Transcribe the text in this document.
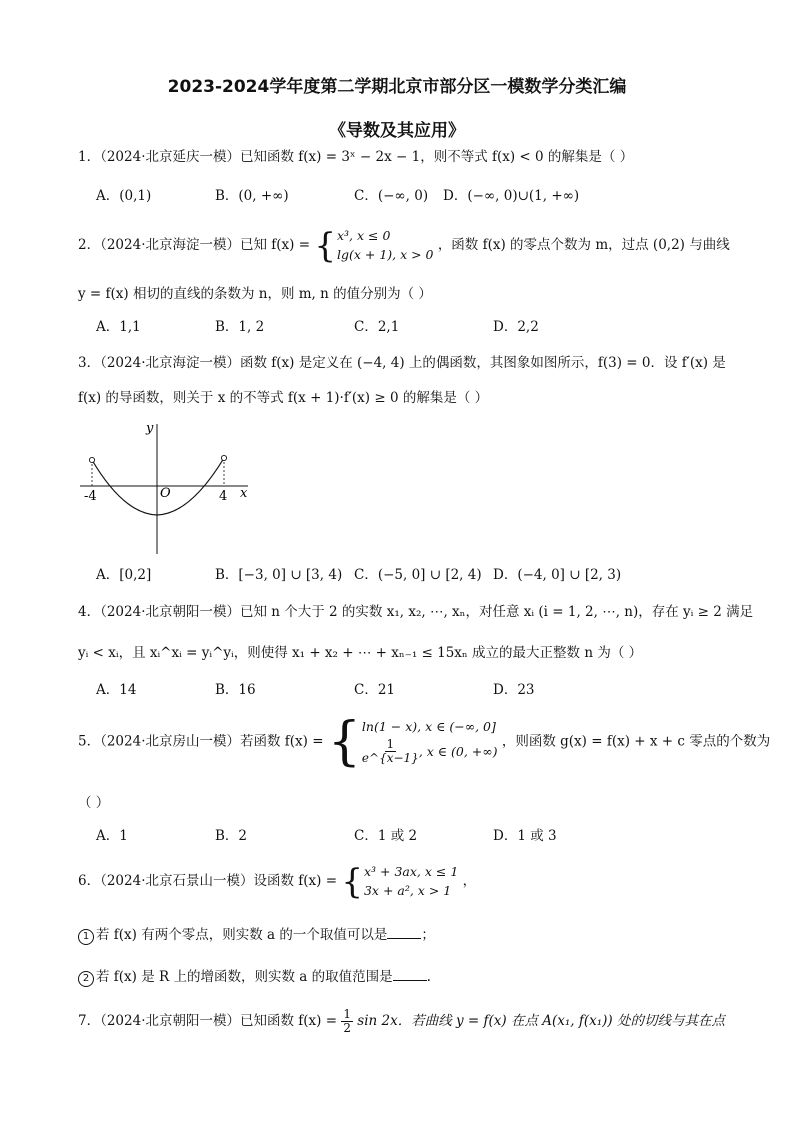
2023-2024学年度第二学期北京市部分区一模数学分类汇编
《导数及其应用》
1．（2024·北京延庆一模）已知函数 f(x) = 3ˣ − 2x − 1，则不等式 f(x) < 0 的解集是（ ）
A．(0,1)	B．(0, +∞)	C．(−∞, 0) D．(−∞, 0)∪(1, +∞)
2．（2024·北京海淀一模）已知 f(x) = { x³, x ≤ 0
lg(x + 1), x > 0
，函数 f(x) 的零点个数为 m，过点 (0,2) 与曲线
y = f(x) 相切的直线的条数为 n，则 m, n 的值分别为（ ）
A．1,1	B．1, 2	C．2,1	D．2,2
3．（2024·北京海淀一模）函数 f(x) 是定义在 (−4, 4) 上的偶函数，其图象如图所示，f(3) = 0．设 f′(x) 是
f(x) 的导函数，则关于 x 的不等式 f(x + 1)·f′(x) ≥ 0 的解集是（ ）
y
x
O
-4	4
A．[0,2]	B．[−3, 0] ∪ [3, 4) C．(−5, 0] ∪ [2, 4) D．(−4, 0] ∪ [2, 3)
4．（2024·北京朝阳一模）已知 n 个大于 2 的实数 x₁, x₂, ⋯, xₙ，对任意 xᵢ (i = 1, 2, ⋯, n)，存在 yᵢ ≥ 2 满足
yᵢ < xᵢ，且 xᵢ^xᵢ = yᵢ^yᵢ，则使得 x₁ + x₂ + ⋯ + xₙ₋₁ ≤ 15xₙ 成立的最大正整数 n 为（ ）
A．14	B．16	C．21	D．23
5．（2024·北京房山一模）若函数 f(x) = { ln(1 − x), x ∈ (−∞, 0]
$\frac{1}{e\^{}\{x-1\}}$ , x ∈ (0, +∞)
，则函数 g(x) = f(x) + x + c 零点的个数为
（ ）
A．1	B．2	C．1 或 2	D．1 或 3
6．（2024·北京石景山一模）设函数 f(x) = { x³ + 3ax, x ≤ 1
3x + a², x > 1
，
1 若 f(x) 有两个零点，则实数 a 的一个取值可以是	；
2 若 f(x) 是 R 上的增函数，则实数 a 的取值范围是	.
7．（2024·北京朝阳一模）已知函数 $f(x) = \frac{1}{2}$ sin 2x．若曲线 y = f(x) 在点 A(x₁, f(x₁)) 处的切线与其在点
